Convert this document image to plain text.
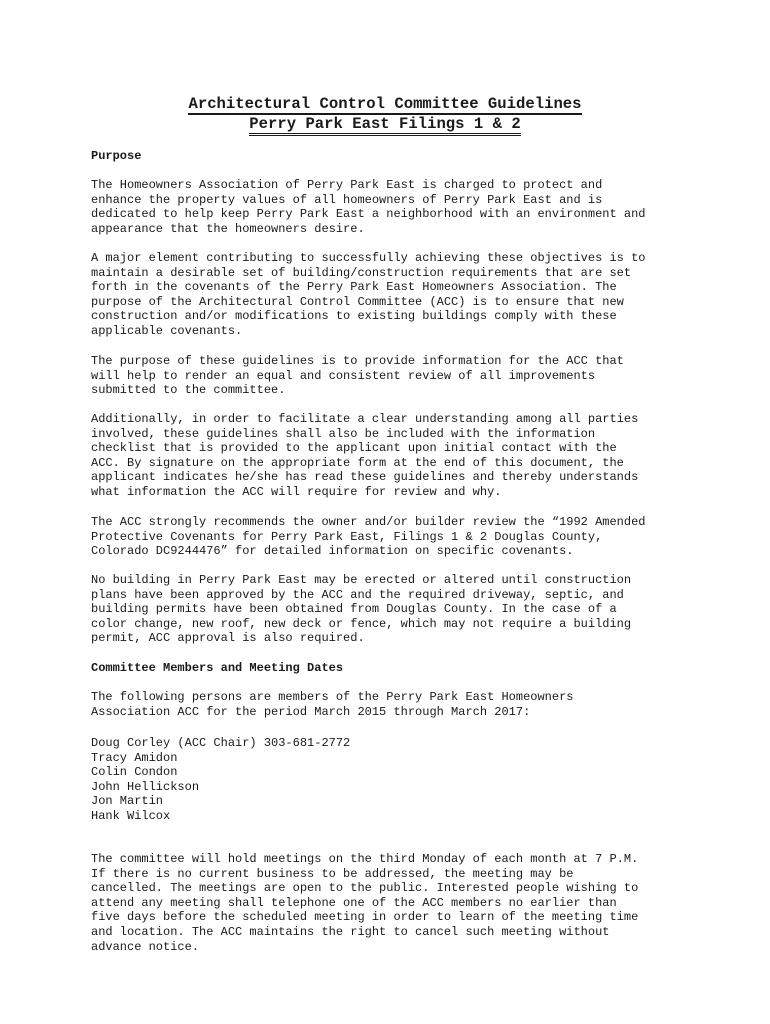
Architectural Control Committee Guidelines
Perry Park East Filings 1 & 2
Purpose

The Homeowners Association of Perry Park East is charged to protect and
enhance the property values of all homeowners of Perry Park East and is
dedicated to help keep Perry Park East a neighborhood with an environment and
appearance that the homeowners desire.

A major element contributing to successfully achieving these objectives is to
maintain a desirable set of building/construction requirements that are set
forth in the covenants of the Perry Park East Homeowners Association. The
purpose of the Architectural Control Committee (ACC) is to ensure that new
construction and/or modifications to existing buildings comply with these
applicable covenants.

The purpose of these guidelines is to provide information for the ACC that
will help to render an equal and consistent review of all improvements
submitted to the committee.

Additionally, in order to facilitate a clear understanding among all parties
involved, these guidelines shall also be included with the information
checklist that is provided to the applicant upon initial contact with the
ACC. By signature on the appropriate form at the end of this document, the
applicant indicates he/she has read these guidelines and thereby understands
what information the ACC will require for review and why.

The ACC strongly recommends the owner and/or builder review the “1992 Amended
Protective Covenants for Perry Park East, Filings 1 & 2 Douglas County,
Colorado DC9244476” for detailed information on specific covenants.

No building in Perry Park East may be erected or altered until construction
plans have been approved by the ACC and the required driveway, septic, and
building permits have been obtained from Douglas County. In the case of a
color change, new roof, new deck or fence, which may not require a building
permit, ACC approval is also required.

Committee Members and Meeting Dates

The following persons are members of the Perry Park East Homeowners
Association ACC for the period March 2015 through March 2017:

Doug Corley (ACC Chair) 303-681-2772
Tracy Amidon
Colin Condon
John Hellickson
Jon Martin
Hank Wilcox

The committee will hold meetings on the third Monday of each month at 7 P.M.
If there is no current business to be addressed, the meeting may be
cancelled. The meetings are open to the public. Interested people wishing to
attend any meeting shall telephone one of the ACC members no earlier than
five days before the scheduled meeting in order to learn of the meeting time
and location. The ACC maintains the right to cancel such meeting without
advance notice.
